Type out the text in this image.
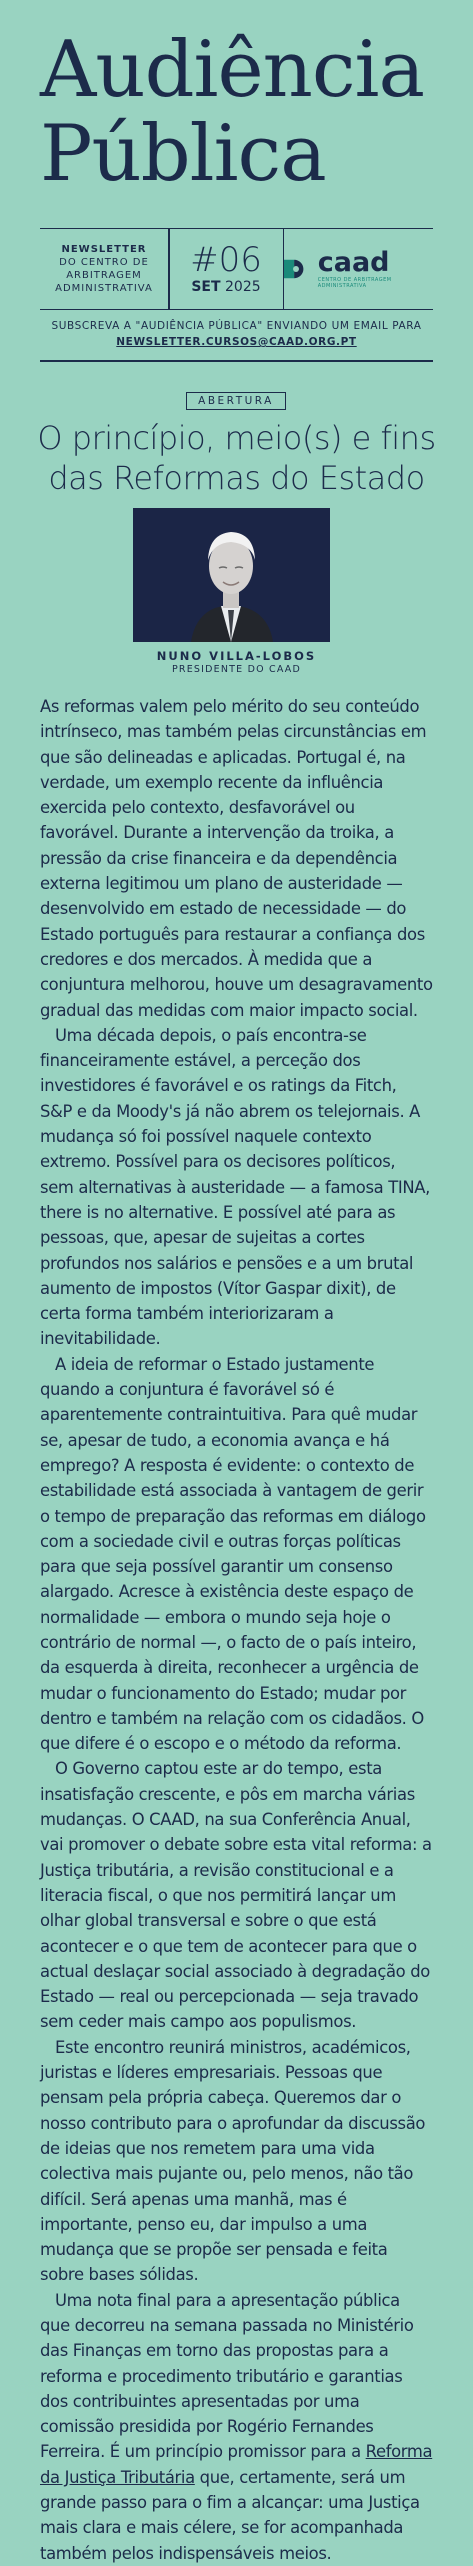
Audiência
Pública
NEWSLETTER
DO CENTRO DE
ARBITRAGEM
ADMINISTRATIVA
#06
SET 2025
caad
CENTRO DE ARBITRAGEM ADMINISTRATIVA
SUBSCREVA A "AUDIÊNCIA PÚBLICA" ENVIANDO UM EMAIL PARA
NEWSLETTER.CURSOS@CAAD.ORG.PT
ABERTURA
O princípio, meio(s) e fins das Reformas do Estado
NUNO VILLA-LOBOS
PRESIDENTE DO CAAD

As reformas valem pelo mérito do seu conteúdo intrínseco, mas também pelas circunstâncias em que são delineadas e aplicadas. Portugal é, na verdade, um exemplo recente da influência exercida pelo contexto, desfavorável ou favorável. Durante a intervenção da troika, a pressão da crise financeira e da dependência externa legitimou um plano de austeridade — desenvolvido em estado de necessidade — do Estado português para restaurar a confiança dos credores e dos mercados. À medida que a conjuntura melhorou, houve um desagravamento gradual das medidas com maior impacto social.

Uma década depois, o país encontra-se financeiramente estável, a perceção dos investidores é favorável e os ratings da Fitch, S&P e da Moody's já não abrem os telejornais. A mudança só foi possível naquele contexto extremo. Possível para os decisores políticos, sem alternativas à austeridade — a famosa TINA, there is no alternative. E possível até para as pessoas, que, apesar de sujeitas a cortes profundos nos salários e pensões e a um brutal aumento de impostos (Vítor Gaspar dixit), de certa forma também interiorizaram a inevitabilidade.

A ideia de reformar o Estado justamente quando a conjuntura é favorável só é aparentemente contraintuitiva. Para quê mudar se, apesar de tudo, a economia avança e há emprego? A resposta é evidente: o contexto de estabilidade está associada à vantagem de gerir o tempo de preparação das reformas em diálogo com a sociedade civil e outras forças políticas para que seja possível garantir um consenso alargado. Acresce à existência deste espaço de normalidade — embora o mundo seja hoje o contrário de normal —, o facto de o país inteiro, da esquerda à direita, reconhecer a urgência de mudar o funcionamento do Estado; mudar por dentro e também na relação com os cidadãos. O que difere é o escopo e o método da reforma.

O Governo captou este ar do tempo, esta insatisfação crescente, e pôs em marcha várias mudanças. O CAAD, na sua Conferência Anual, vai promover o debate sobre esta vital reforma: a Justiça tributária, a revisão constitucional e a literacia fiscal, o que nos permitirá lançar um olhar global transversal e sobre o que está acontecer e o que tem de acontecer para que o actual deslaçar social associado à degradação do Estado — real ou percepcionada — seja travado sem ceder mais campo aos populismos.

Este encontro reunirá ministros, académicos, juristas e líderes empresariais. Pessoas que pensam pela própria cabeça. Queremos dar o nosso contributo para o aprofundar da discussão de ideias que nos remetem para uma vida colectiva mais pujante ou, pelo menos, não tão difícil. Será apenas uma manhã, mas é importante, penso eu, dar impulso a uma mudança que se propõe ser pensada e feita sobre bases sólidas.

Uma nota final para a apresentação pública que decorreu na semana passada no Ministério das Finanças em torno das propostas para a reforma e procedimento tributário e garantias dos contribuintes apresentadas por uma comissão presidida por Rogério Fernandes Ferreira. É um princípio promissor para a Reforma da Justiça Tributária que, certamente, será um grande passo para o fim a alcançar: uma Justiça mais clara e mais célere, se for acompanhada também pelos indispensáveis meios.
